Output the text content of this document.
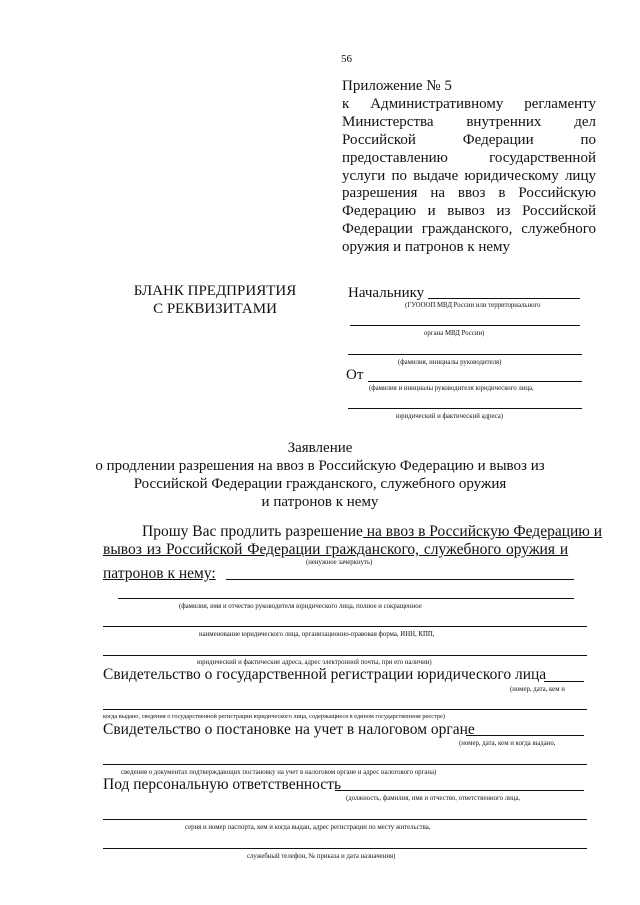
56
Приложение № 5
к Административному регламенту
Министерства внутренних дел
Российской Федерации по
предоставлению государственной
услуги по выдаче юридическому лицу
разрешения на ввоз в Российскую
Федерацию и вывоз из Российской
Федерации гражданского, служебного
оружия и патронов к нему
БЛАНК ПРЕДПРИЯТИЯ
С РЕКВИЗИТАМИ
Начальнику
(ГУОООП МВД России или территориального
органа МВД России)
(фамилия, инициалы руководителя)
От
(фамилия и инициалы руководителя юридического лица,
юридический и фактический адреса)
Заявление
о продлении разрешения на ввоз в Российскую Федерацию и вывоз из
Российской Федерации гражданского, служебного оружия
и патронов к нему
Прошу Вас продлить разрешение на ввоз в Российскую Федерацию и
вывоз из Российской Федерации гражданского, служебного оружия и
(ненужное зачеркнуть)
патронов к нему:
(фамилия, имя и отчество руководителя юридического лица, полное и сокращенное
наименование юридического лица, организационно-правовая форма, ИНН, КПП,
юридический и фактические адреса, адрес электронной почты, при его наличии)
Свидетельство о государственной регистрации юридического лица
(номер, дата, кем и
когда выдано, сведения о государственной регистрации юридического лица, содержащиеся в едином государственном реестре)
Свидетельство о постановке на учет в налоговом органе
(номер, дата, кем и когда выдано,
сведения о документах подтверждающих постановку на учет в налоговом органе и адрес налогового органа)
Под персональную ответственность
(должность, фамилия, имя и отчество, ответственного лица,
серия и номер паспорта, кем и когда выдан, адрес регистрации по месту жительства,
служебный телефон, № приказа и дата назначения)
